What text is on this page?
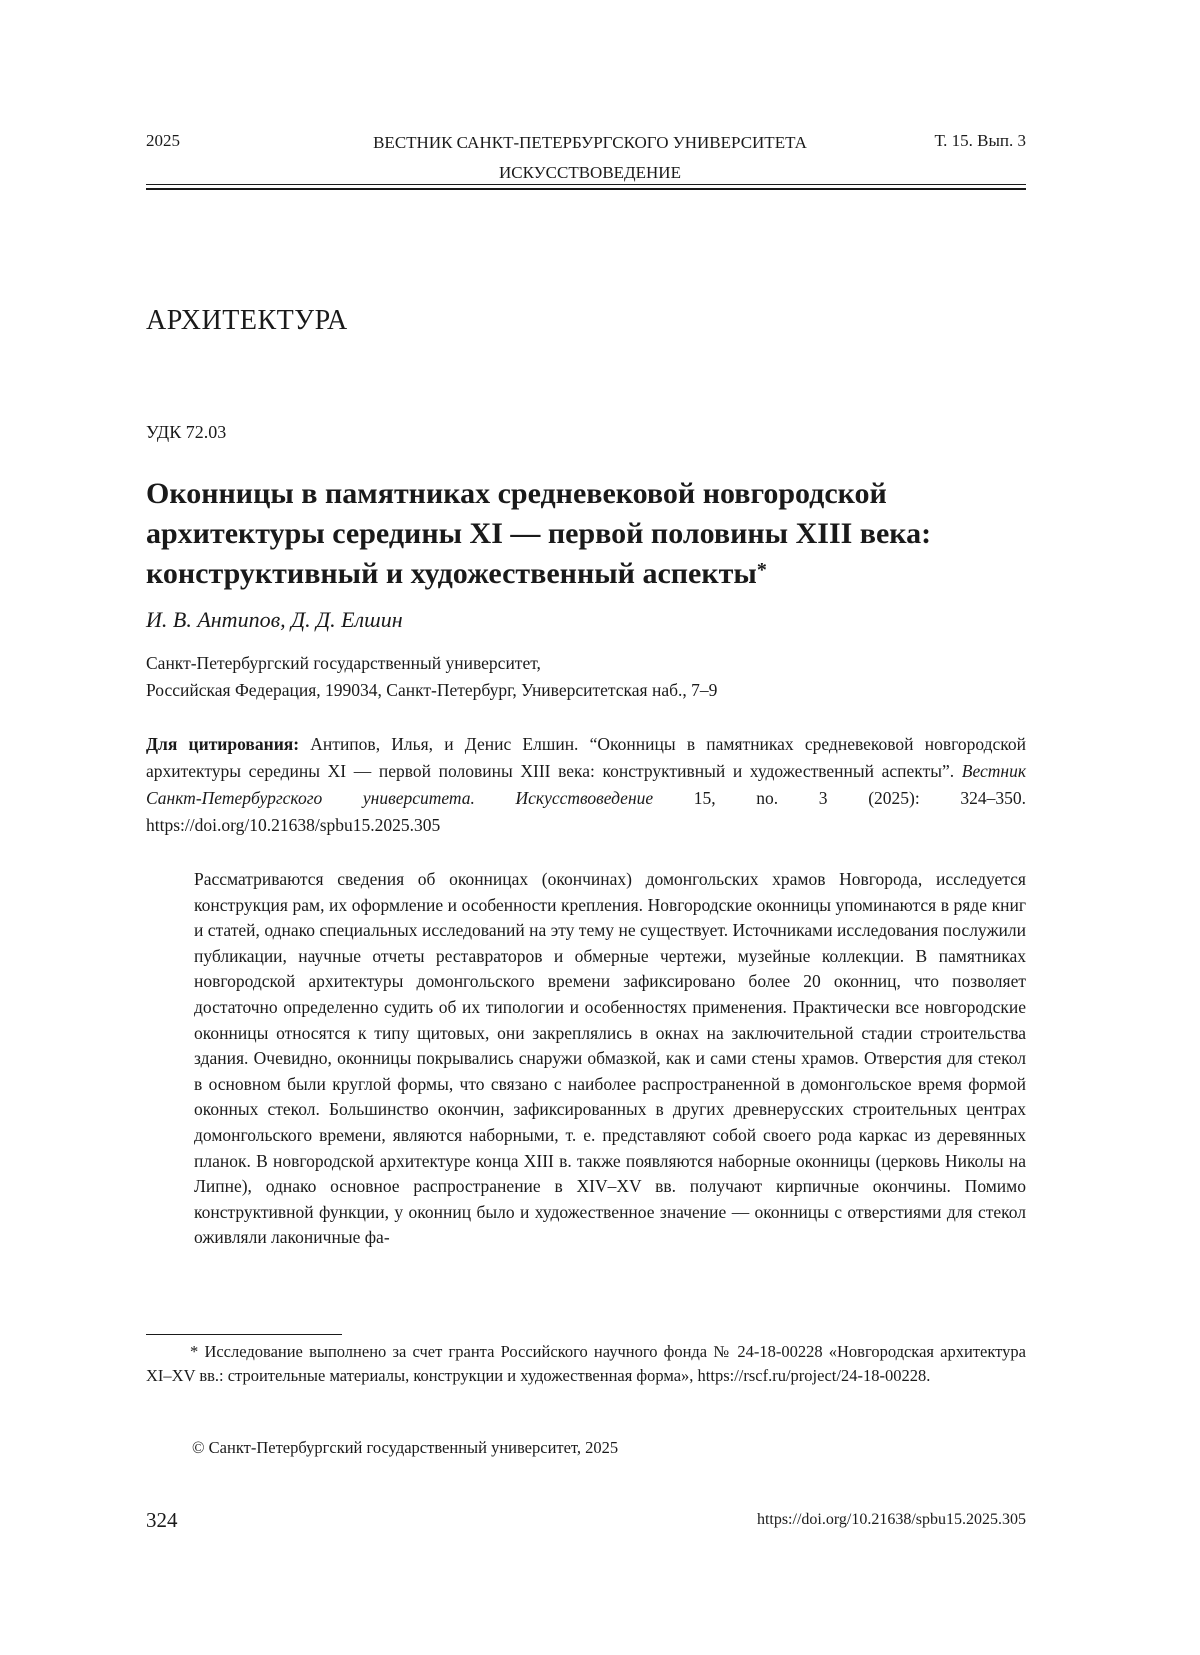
2025	ВЕСТНИК САНКТ-ПЕТЕРБУРГСКОГО УНИВЕРСИТЕТА
ИСКУССТВОВЕДЕНИЕ
Т. 15. Вып. 3
АРХИТЕКТУРА
УДК 72.03
Оконницы в памятниках средневековой новгородской архитектуры середины XI — первой половины XIII века: конструктивный и художественный аспекты*
И. В. Антипов, Д. Д. Елшин
Санкт-Петербургский государственный университет,
Российская Федерация, 199034, Санкт-Петербург, Университетская наб., 7–9
Для цитирования: Антипов, Илья, и Денис Елшин. “Оконницы в памятниках средневековой новгородской архитектуры середины XI — первой половины XIII века: конструктивный и художественный аспекты”. Вестник Санкт-Петербургского университета. Искусствоведение 15, no. 3 (2025): 324–350. https://doi.org/10.21638/spbu15.2025.305
Рассматриваются сведения об оконницах (окончинах) домонгольских храмов Новгорода, исследуется конструкция рам, их оформление и особенности крепления. Новгородские оконницы упоминаются в ряде книг и статей, однако специальных исследований на эту тему не существует. Источниками исследования послужили публикации, научные отчеты реставраторов и обмерные чертежи, музейные коллекции. В памятниках новгородской архитектуры домонгольского времени зафиксировано более 20 оконниц, что позволяет достаточно определенно судить об их типологии и особенностях применения. Практически все новгородские оконницы относятся к типу щитовых, они закреплялись в окнах на заключительной стадии строительства здания. Очевидно, оконницы покрывались снаружи обмазкой, как и сами стены храмов. Отверстия для стекол в основном были круглой формы, что связано с наиболее распространенной в домонгольское время формой оконных стекол. Большинство окончин, зафиксированных в других древнерусских строительных центрах домонгольского времени, являются наборными, т. е. представляют собой своего рода каркас из деревянных планок. В новгородской архитектуре конца XIII в. также появляются наборные оконницы (церковь Николы на Липне), однако основное распространение в XIV–XV вв. получают кирпичные окончины. Помимо конструктивной функции, у оконниц было и художественное значение — оконницы с отверстиями для стекол оживляли лаконичные фа-
* Исследование выполнено за счет гранта Российского научного фонда № 24-18-00228 «Новгородская архитектура XI–XV вв.: строительные материалы, конструкции и художественная форма», https://rscf.ru/project/24-18-00228.
© Санкт-Петербургский государственный университет, 2025
324	https://doi.org/10.21638/spbu15.2025.305
